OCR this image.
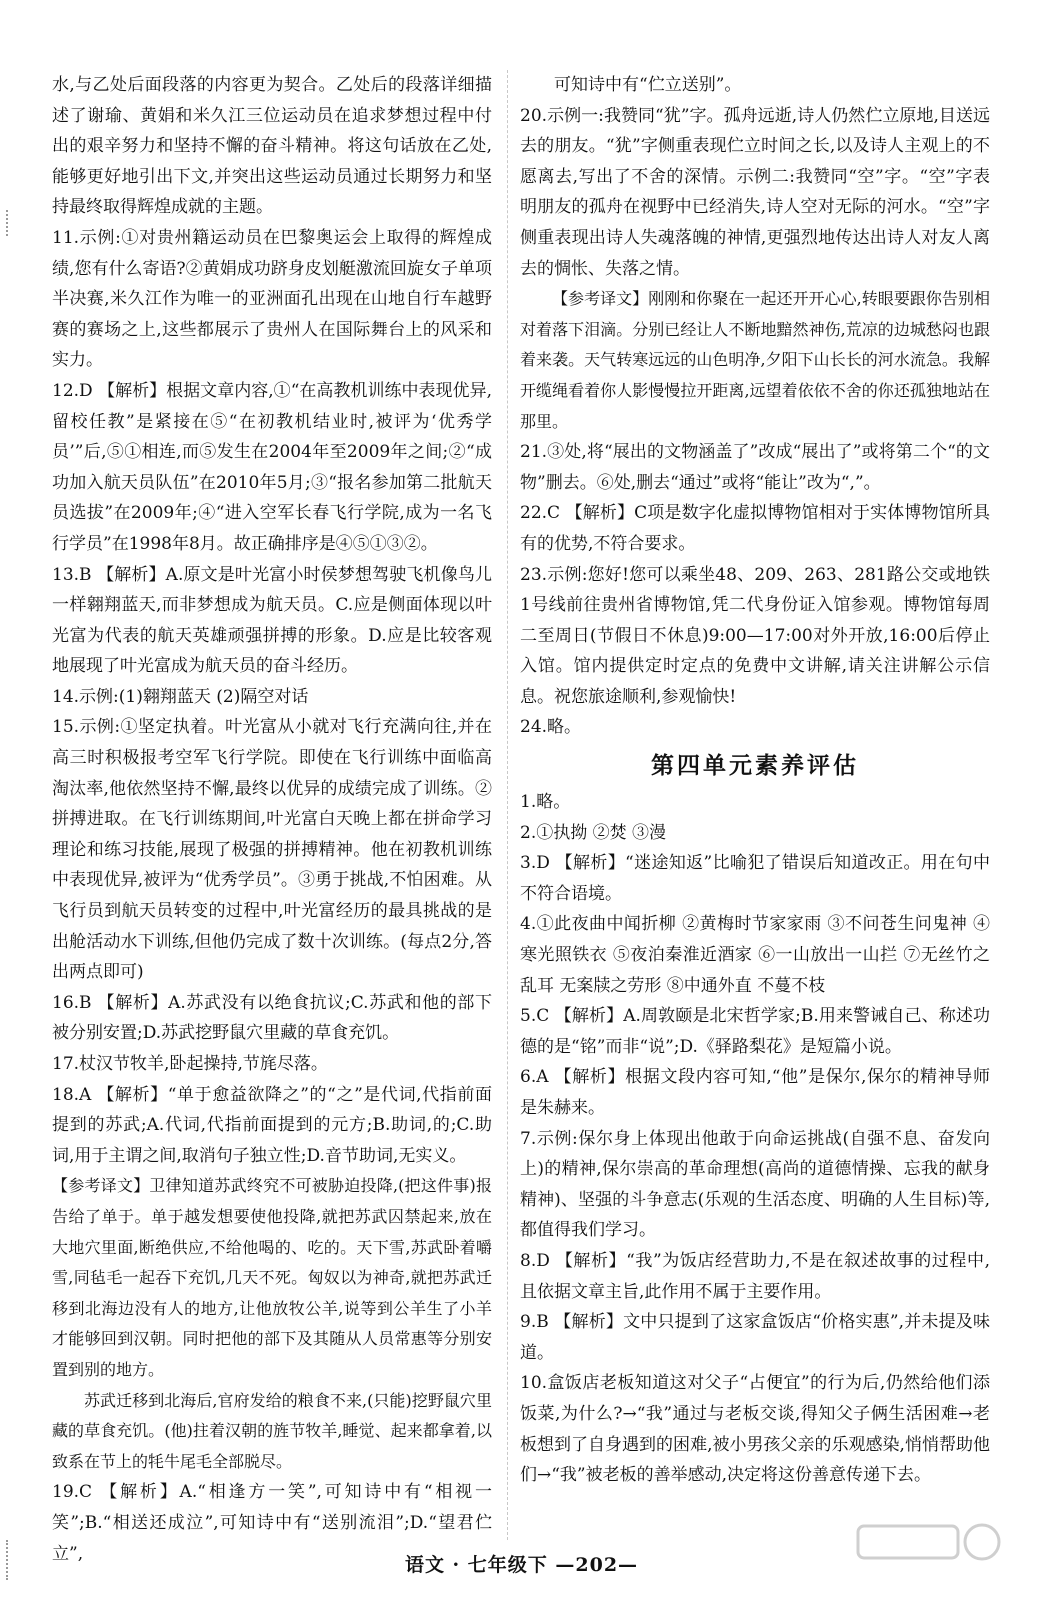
水,与乙处后面段落的内容更为契合。乙处后的段落详细描述了谢瑜、黄娟和米久江三位运动员在追求梦想过程中付出的艰辛努力和坚持不懈的奋斗精神。将这句话放在乙处,能够更好地引出下文,并突出这些运动员通过长期努力和坚持最终取得辉煌成就的主题。

11.示例:①对贵州籍运动员在巴黎奥运会上取得的辉煌成绩,您有什么寄语?②黄娟成功跻身皮划艇激流回旋女子单项半决赛,米久江作为唯一的亚洲面孔出现在山地自行车越野赛的赛场之上,这些都展示了贵州人在国际舞台上的风采和实力。

12.D 【解析】根据文章内容,①“在高教机训练中表现优异,留校任教”是紧接在⑤“在初教机结业时,被评为‘优秀学员’”后,⑤①相连,而⑤发生在2004年至2009年之间;②“成功加入航天员队伍”在2010年5月;③“报名参加第二批航天员选拔”在2009年;④“进入空军长春飞行学院,成为一名飞行学员”在1998年8月。故正确排序是④⑤①③②。

13.B 【解析】A.原文是叶光富小时侯梦想驾驶飞机像鸟儿一样翱翔蓝天,而非梦想成为航天员。C.应是侧面体现以叶光富为代表的航天英雄顽强拼搏的形象。D.应是比较客观地展现了叶光富成为航天员的奋斗经历。

14.示例:(1)翱翔蓝天 (2)隔空对话

15.示例:①坚定执着。叶光富从小就对飞行充满向往,并在高三时积极报考空军飞行学院。即使在飞行训练中面临高淘汰率,他依然坚持不懈,最终以优异的成绩完成了训练。②拼搏进取。在飞行训练期间,叶光富白天晚上都在拼命学习理论和练习技能,展现了极强的拼搏精神。他在初教机训练中表现优异,被评为“优秀学员”。③勇于挑战,不怕困难。从飞行员到航天员转变的过程中,叶光富经历的最具挑战的是出舱活动水下训练,但他仍完成了数十次训练。(每点2分,答出两点即可)

16.B 【解析】A.苏武没有以绝食抗议;C.苏武和他的部下被分别安置;D.苏武挖野鼠穴里藏的草食充饥。

17.杖汉节牧羊,卧起操持,节旄尽落。

18.A 【解析】“单于愈益欲降之”的“之”是代词,代指前面提到的苏武;A.代词,代指前面提到的元方;B.助词,的;C.助词,用于主谓之间,取消句子独立性;D.音节助词,无实义。

【参考译文】卫律知道苏武终究不可被胁迫投降,(把这件事)报告给了单于。单于越发想要使他投降,就把苏武囚禁起来,放在大地穴里面,断绝供应,不给他喝的、吃的。天下雪,苏武卧着嚼雪,同毡毛一起吞下充饥,几天不死。匈奴以为神奇,就把苏武迁移到北海边没有人的地方,让他放牧公羊,说等到公羊生了小羊才能够回到汉朝。同时把他的部下及其随从人员常惠等分别安置到别的地方。

苏武迁移到北海后,官府发给的粮食不来,(只能)挖野鼠穴里藏的草食充饥。(他)拄着汉朝的旌节牧羊,睡觉、起来都拿着,以致系在节上的牦牛尾毛全部脱尽。

19.C 【解析】A.“相逢方一笑”,可知诗中有“相视一笑”;B.“相送还成泣”,可知诗中有“送别流泪”;D.“望君伫立”,

可知诗中有“伫立送别”。

20.示例一:我赞同“犹”字。孤舟远逝,诗人仍然伫立原地,目送远去的朋友。“犹”字侧重表现伫立时间之长,以及诗人主观上的不愿离去,写出了不舍的深情。示例二:我赞同“空”字。“空”字表明朋友的孤舟在视野中已经消失,诗人空对无际的河水。“空”字侧重表现出诗人失魂落魄的神情,更强烈地传达出诗人对友人离去的惆怅、失落之情。

【参考译文】刚刚和你聚在一起还开开心心,转眼要跟你告别相对着落下泪滴。分别已经让人不断地黯然神伤,荒凉的边城愁闷也跟着来袭。天气转寒远远的山色明净,夕阳下山长长的河水流急。我解开缆绳看着你人影慢慢拉开距离,远望着依依不舍的你还孤独地站在那里。

21.③处,将“展出的文物涵盖了”改成“展出了”或将第二个“的文物”删去。⑥处,删去“通过”或将“能让”改为“,”。

22.C 【解析】C项是数字化虚拟博物馆相对于实体博物馆所具有的优势,不符合要求。

23.示例:您好!您可以乘坐48、209、263、281路公交或地铁1号线前往贵州省博物馆,凭二代身份证入馆参观。博物馆每周二至周日(节假日不休息)9:00—17:00对外开放,16:00后停止入馆。馆内提供定时定点的免费中文讲解,请关注讲解公示信息。祝您旅途顺利,参观愉快!

24.略。

第四单元素养评估

1.略。

2.①执拗 ②焚 ③漫

3.D 【解析】“迷途知返”比喻犯了错误后知道改正。用在句中不符合语境。

4.①此夜曲中闻折柳 ②黄梅时节家家雨 ③不问苍生问鬼神 ④寒光照铁衣 ⑤夜泊秦淮近酒家 ⑥一山放出一山拦 ⑦无丝竹之乱耳 无案牍之劳形 ⑧中通外直 不蔓不枝

5.C 【解析】A.周敦颐是北宋哲学家;B.用来警诫自己、称述功德的是“铭”而非“说”;D.《驿路梨花》是短篇小说。

6.A 【解析】根据文段内容可知,“他”是保尔,保尔的精神导师是朱赫来。

7.示例:保尔身上体现出他敢于向命运挑战(自强不息、奋发向上)的精神,保尔崇高的革命理想(高尚的道德情操、忘我的献身精神)、坚强的斗争意志(乐观的生活态度、明确的人生目标)等,都值得我们学习。

8.D 【解析】“我”为饭店经营助力,不是在叙述故事的过程中,且依据文章主旨,此作用不属于主要作用。

9.B 【解析】文中只提到了这家盒饭店“价格实惠”,并未提及味道。

10.盒饭店老板知道这对父子“占便宜”的行为后,仍然给他们添饭菜,为什么?→“我”通过与老板交谈,得知父子俩生活困难→老板想到了自身遇到的困难,被小男孩父亲的乐观感染,悄悄帮助他们→“我”被老板的善举感动,决定将这份善意传递下去。

语文 · 七年级下 —202—
